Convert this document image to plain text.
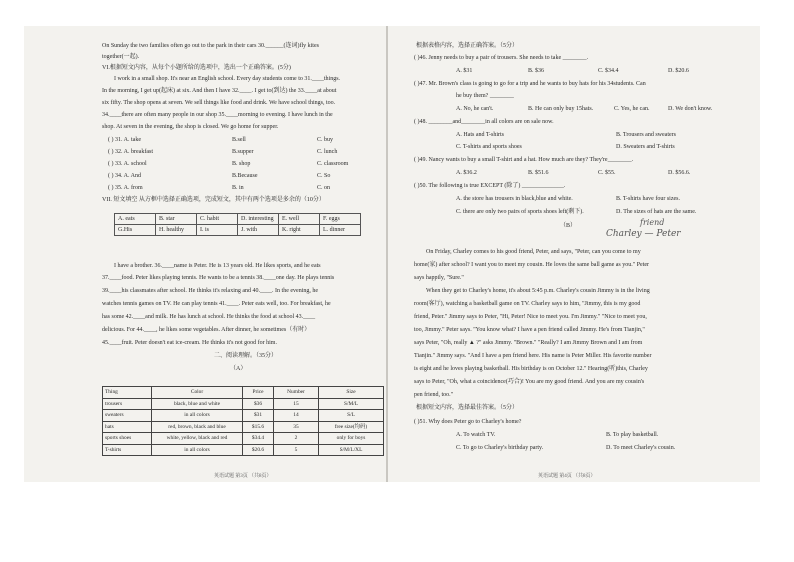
On Sunday the two families often go out to the park in their cars 30.______(连词)fly kites
together(一起).
VI.根据短文内容，从每个小题所给的选项中，选出一个正确答案。(5分)
I work in a small shop. It's near an English school. Every day students come to 31.____things.
In the morning, I get up(起床) at six. And then I have 32.____. I get to(到达) the 33.____at about
six fifty. The shop opens at seven. We sell things like food and drink. We have school things, too.
34.____there are often many people in our shop 35.____morning to evening. I have lunch in the
shop. At seven in the evening, the shop is closed. We go home for supper.
( ) 31. A. take	B.sell	C. buy
( ) 32. A. breakfast	B.supper	C. lunch
( ) 33. A. school	B. shop	C. classroom
( ) 34. A. And	B.Because	C. So
( ) 35. A. from	B. in	C. on
VII. 短文填空 从方框中选择正确选项，完成短文，其中有两个选项是多余的（10分）
A. eats	B. star	C. habit	D. interesting	E. well	F. eggs
G.His	H. healthy	I. is	J. with	K. right	L. dinner
I have a brother. 36.____name is Peter. He is 13 years old. He likes sports, and he eats
37.____food. Peter likes playing tennis. He wants to be a tennis 38.____one day. He plays tennis
39.____his classmates after school. He thinks it's relaxing and 40.____. In the evening, he
watches tennis games on TV. He can play tennis 41.____. Peter eats well, too. For breakfast, he
has some 42.____and milk. He has lunch at school. He thinks the food at school 43.____
delicious. For 44.____, he likes some vegetables. After dinner, he sometimes（有时）
45.____fruit. Peter doesn't eat ice-cream. He thinks it's not good for him.
二、阅读理解。（35分）
（A）
Thing	Color	Price	Number	Size
trousers	black, blue and white	$36	15	S/M/L
sweaters	in all colors	$31	14	S/L
hats	red, brown, black and blue	$15.6	35	free size(均码)
sports shoes	white, yellow, black and red	$34.4	2	only for boys
T-shirts	in all colors	$20.6	5	S/M/L/XL
英语试题 第3页 （共8页）
根据表格内容，选择正确答案。（5分）
( )46. Jenny needs to buy a pair of trousers. She needs to take ________.
A. $31	B. $36	C. $34.4	D. $20.6
( )47. Mr. Brown's class is going to go for a trip and he wants to buy hats for his 34students. Can
he buy them? ________
A. No, he can't.	B. He can only buy 15hats.	C. Yes, he can.	D. We don't know.
( )48. ________and________in all colors are on sale now.
A. Hats and T-shirts	B. Trousers and sweaters
C. T-shirts and sports shoes	D. Sweaters and T-shirts
( )49. Nancy wants to buy a small T-shirt and a hat. How much are they? They're________.
A. $36.2	B. $51.6	C. $55.	D. $56.6.
( )50. The following is true EXCEPT (除了) ______________.
A. the store has trousers in black,blue and white.	B. T-shirts have four sizes.
C. there are only two pairs of sports shoes left(剩下).	D. The sizes of hats are the same.
（B）	friend
Charley — Peter
On Friday, Charley comes to his good friend, Peter, and says, "Peter, can you come to my
home(家) after school? I want you to meet my cousin. He loves the same ball game as you." Peter
says happily, "Sure."
When they get to Charley's home, it's about 5:45 p.m. Charley's cousin Jimmy is in the living
room(客厅), watching a basketball game on TV. Charley says to him, "Jimmy, this is my good
friend, Peter." Jimmy says to Peter, "Hi, Peter! Nice to meet you. I'm Jimmy." "Nice to meet you,
too, Jimmy." Peter says. "You know what? I have a pen friend called Jimmy. He's from Tianjin,"
says Peter, "Oh, really ▲ ?" asks Jimmy. "Brown." "Really? I am Jimmy Brown and I am from
Tianjin." Jimmy says. "And I have a pen friend here. His name is Peter Miller. His favorite number
is eight and he loves playing basketball. His birthday is on October 12." Hearing(听)this, Charley
says to Peter, "Oh, what a coincidence(巧合)! You are my good friend. And you are my cousin's
pen friend, too."
根据短文内容，选择最佳答案。（5分）
( )51. Why does Peter go to Charley's home?
A. To watch TV.	B. To play basketball.
C. To go to Charley's birthday party.	D. To meet Charley's cousin.
英语试题 第4页 （共8页）
